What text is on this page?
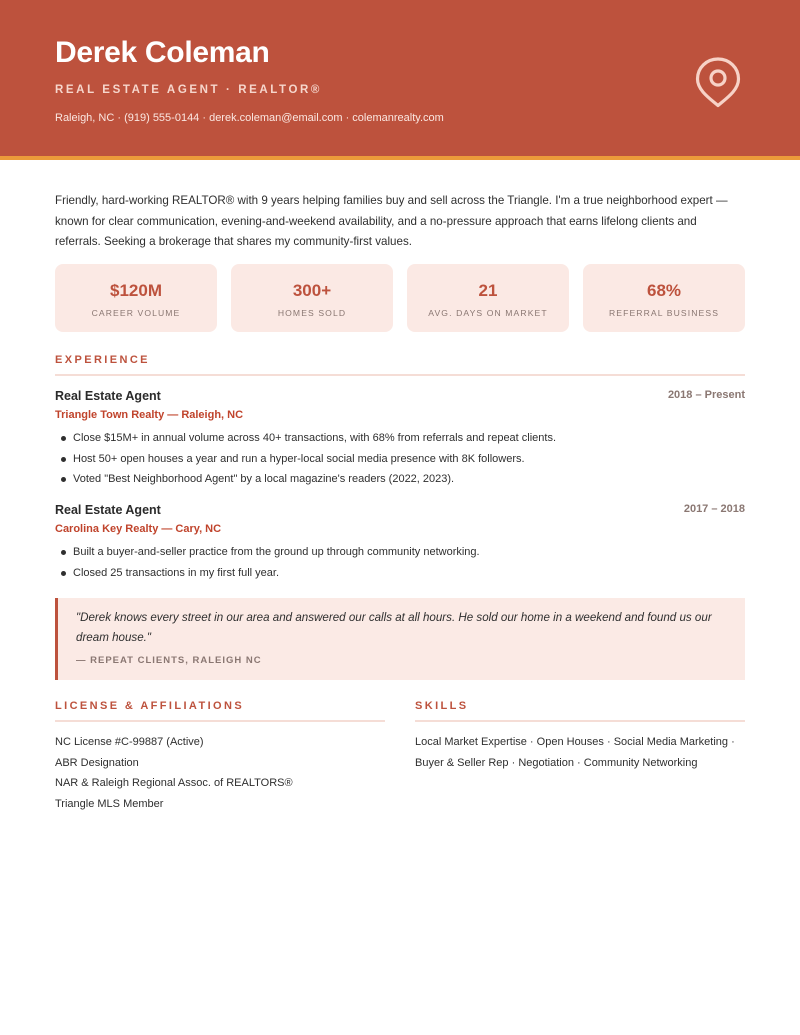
Derek Coleman
REAL ESTATE AGENT · REALTOR®
Raleigh, NC · (919) 555-0144 · derek.coleman@email.com · colemanrealty.com

Friendly, hard-working REALTOR® with 9 years helping families buy and sell across the Triangle. I'm a true neighborhood expert — known for clear communication, evening-and-weekend availability, and a no-pressure approach that earns lifelong clients and referrals. Seeking a brokerage that shares my community-first values.

$120M
CAREER VOLUME
300+
HOMES SOLD
21
AVG. DAYS ON MARKET
68%
REFERRAL BUSINESS
EXPERIENCE
Real Estate Agent	2018 – Present
Triangle Town Realty — Raleigh, NC
Close $15M+ in annual volume across 40+ transactions, with 68% from referrals and repeat clients.
Host 50+ open houses a year and run a hyper-local social media presence with 8K followers.
Voted "Best Neighborhood Agent" by a local magazine's readers (2022, 2023).
Real Estate Agent	2017 – 2018
Carolina Key Realty — Cary, NC
Built a buyer-and-seller practice from the ground up through community networking.
Closed 25 transactions in my first full year.
"Derek knows every street in our area and answered our calls at all hours. He sold our home in a weekend and found us our dream house."
— REPEAT CLIENTS, RALEIGH NC
LICENSE & AFFILIATIONS
NC License #C-99887 (Active)
ABR Designation
NAR & Raleigh Regional Assoc. of REALTORS®
Triangle MLS Member
SKILLS

Local Market Expertise · Open Houses · Social Media Marketing · Buyer & Seller Rep · Negotiation · Community Networking
